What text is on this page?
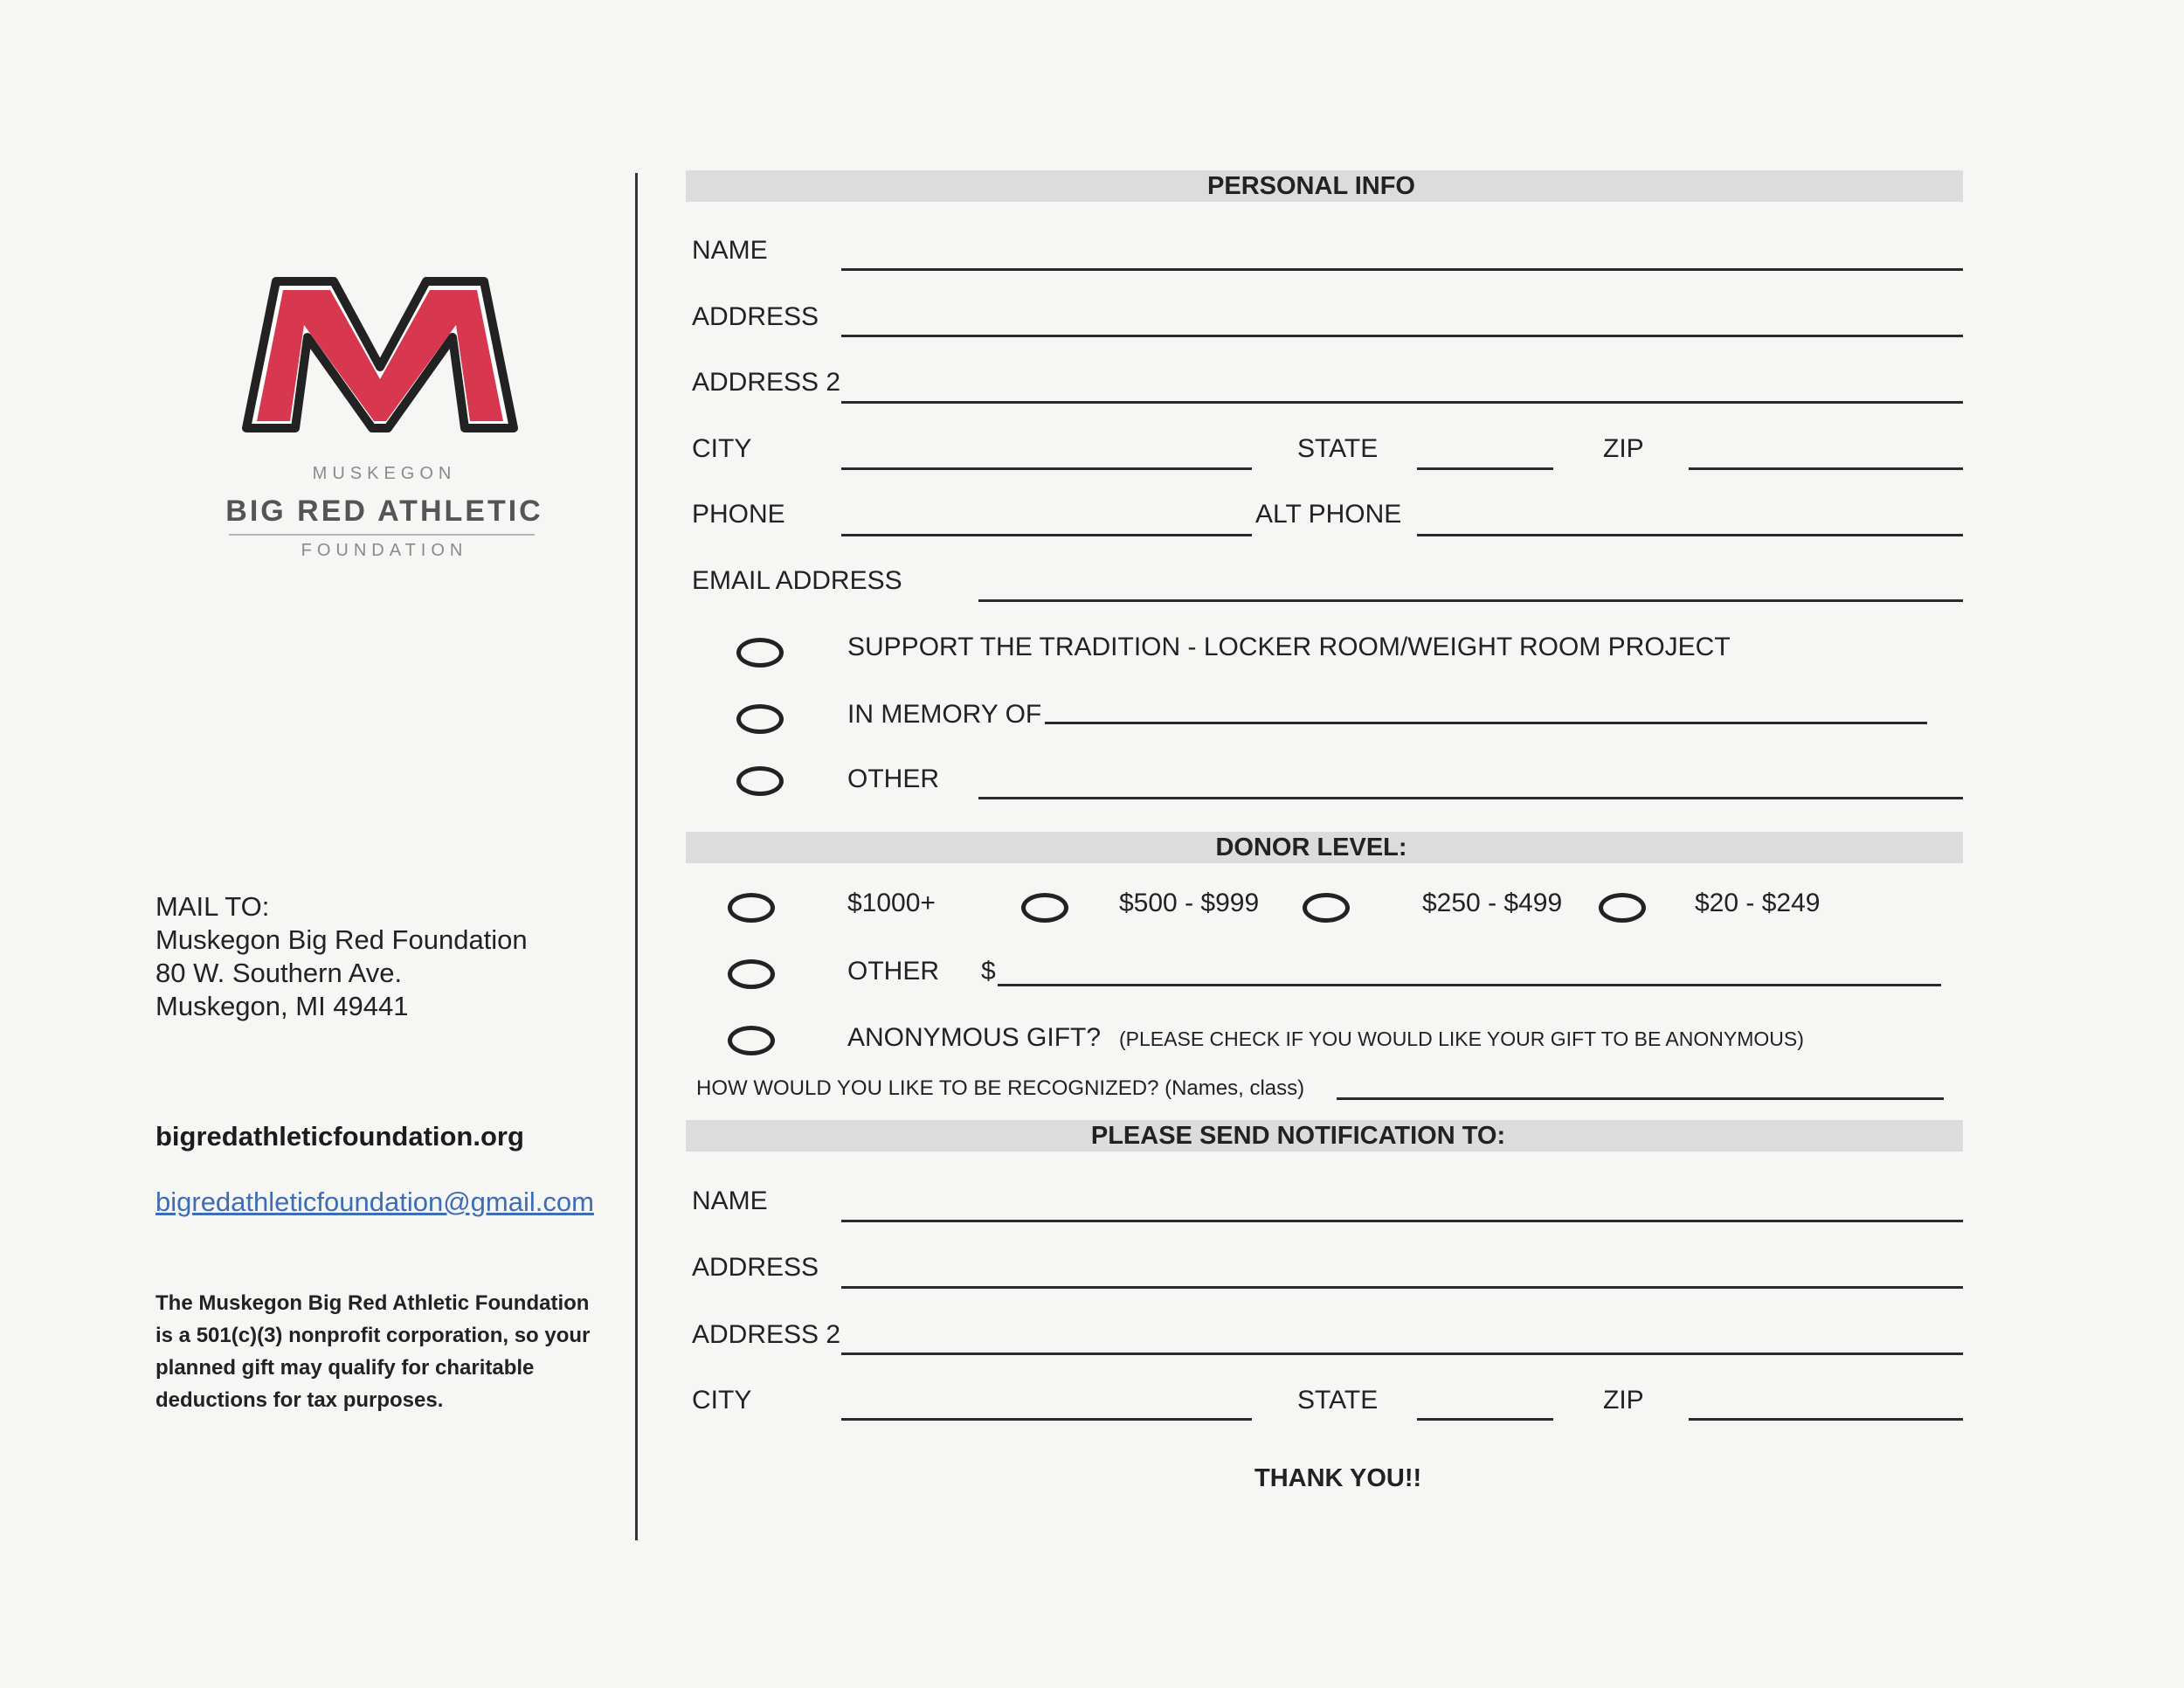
M
MUSKEGON
BIG RED ATHLETIC
FOUNDATION
MAIL TO:
Muskegon Big Red Foundation
80 W. Southern Ave.
Muskegon, MI 49441
bigredathleticfoundation.org
bigredathleticfoundation@gmail.com
The Muskegon Big Red Athletic Foundation
is a 501(c)(3) nonprofit corporation, so your
planned gift may qualify for charitable
deductions for tax purposes.
PERSONAL INFO
NAME
ADDRESS
ADDRESS 2
CITY	STATE	ZIP
PHONE	ALT PHONE
EMAIL ADDRESS
SUPPORT THE TRADITION - LOCKER ROOM/WEIGHT ROOM PROJECT
IN MEMORY OF
OTHER
DONOR LEVEL:
$1000+	$500 - $999	$250 - $499	$20 - $249
OTHER $
ANONYMOUS GIFT? (PLEASE CHECK IF YOU WOULD LIKE YOUR GIFT TO BE ANONYMOUS)
HOW WOULD YOU LIKE TO BE RECOGNIZED? (Names, class)
PLEASE SEND NOTIFICATION TO:
NAME
ADDRESS
ADDRESS 2
CITY	STATE	ZIP
THANK YOU!!
